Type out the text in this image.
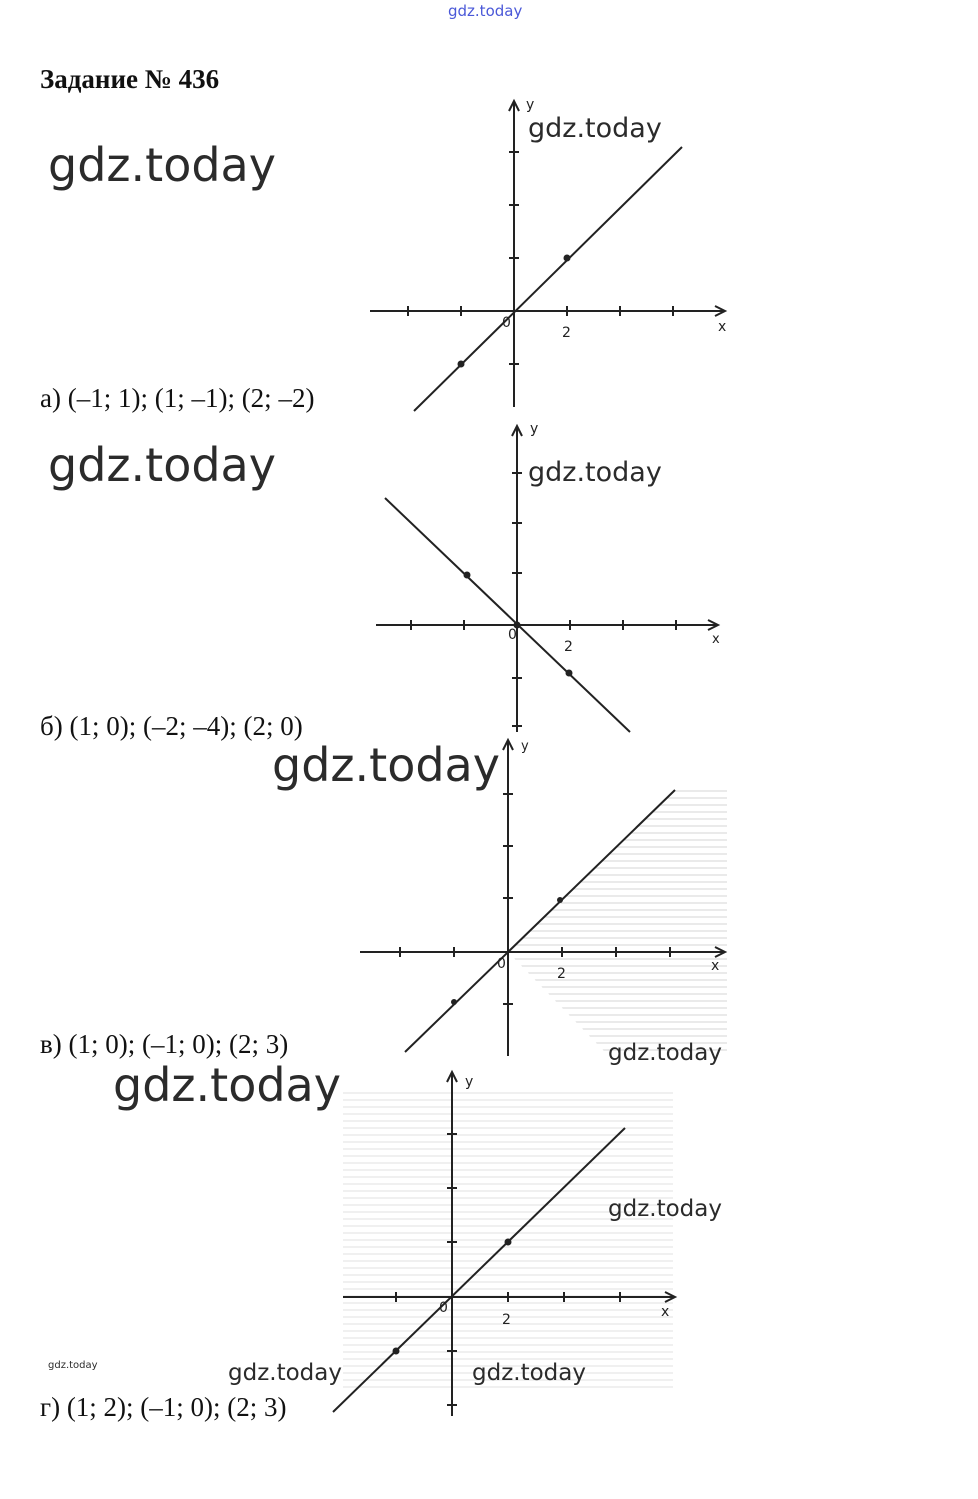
gdz.today
Задание № 436
x
y
0
2
gdz.today
gdz.today
а) (–1; 1); (1; –1); (2; –2)
x
y
0
2
gdz.today	gdz.today
б) (1; 0); (–2; –4); (2; 0)
x
y
0
2
gdz.today
в) (1; 0); (–1; 0); (2; 3)	gdz.today
gdz.today
x
y
0
2
gdz.today
gdz.today	gdz.today	gdz.today
г) (1; 2); (–1; 0); (2; 3)
